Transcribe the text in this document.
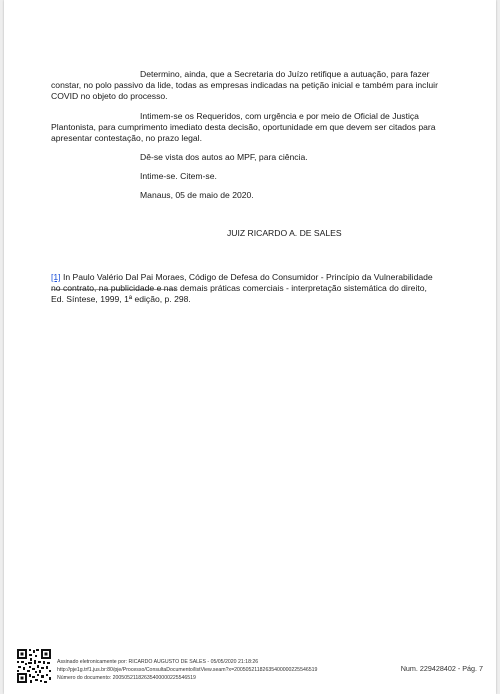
Determino, ainda, que a Secretaria do Juízo retifique a autuação, para fazer constar, no polo passivo da lide, todas as empresas indicadas na petição inicial e também para incluir COVID no objeto do processo.

Intimem-se os Requeridos, com urgência e por meio de Oficial de Justiça Plantonista, para cumprimento imediato desta decisão, oportunidade em que devem ser citados para apresentar contestação, no prazo legal.

Dê-se vista dos autos ao MPF, para ciência.

Intime-se. Citem-se.

Manaus, 05 de maio de 2020.

JUIZ RICARDO A. DE SALES

[1] In Paulo Valério Dal Pai Moraes, Código de Defesa do Consumidor - Princípio da Vulnerabilidade no contrato, na publicidade e nas demais práticas comerciais - interpretação sistemática do direito, Ed. Síntese, 1999, 1ª edição, p. 298.

Assinado eletronicamente por: RICARDO AUGUSTO DE SALES - 05/05/2020 21:18:26
http://pje1g.trf1.jus.br:80/pje/Processo/ConsultaDocumento/listView.seam?x=20050521182635400000225546519
Número do documento: 20050521182635400000225546519
Num. 229428402 - Pág. 7
